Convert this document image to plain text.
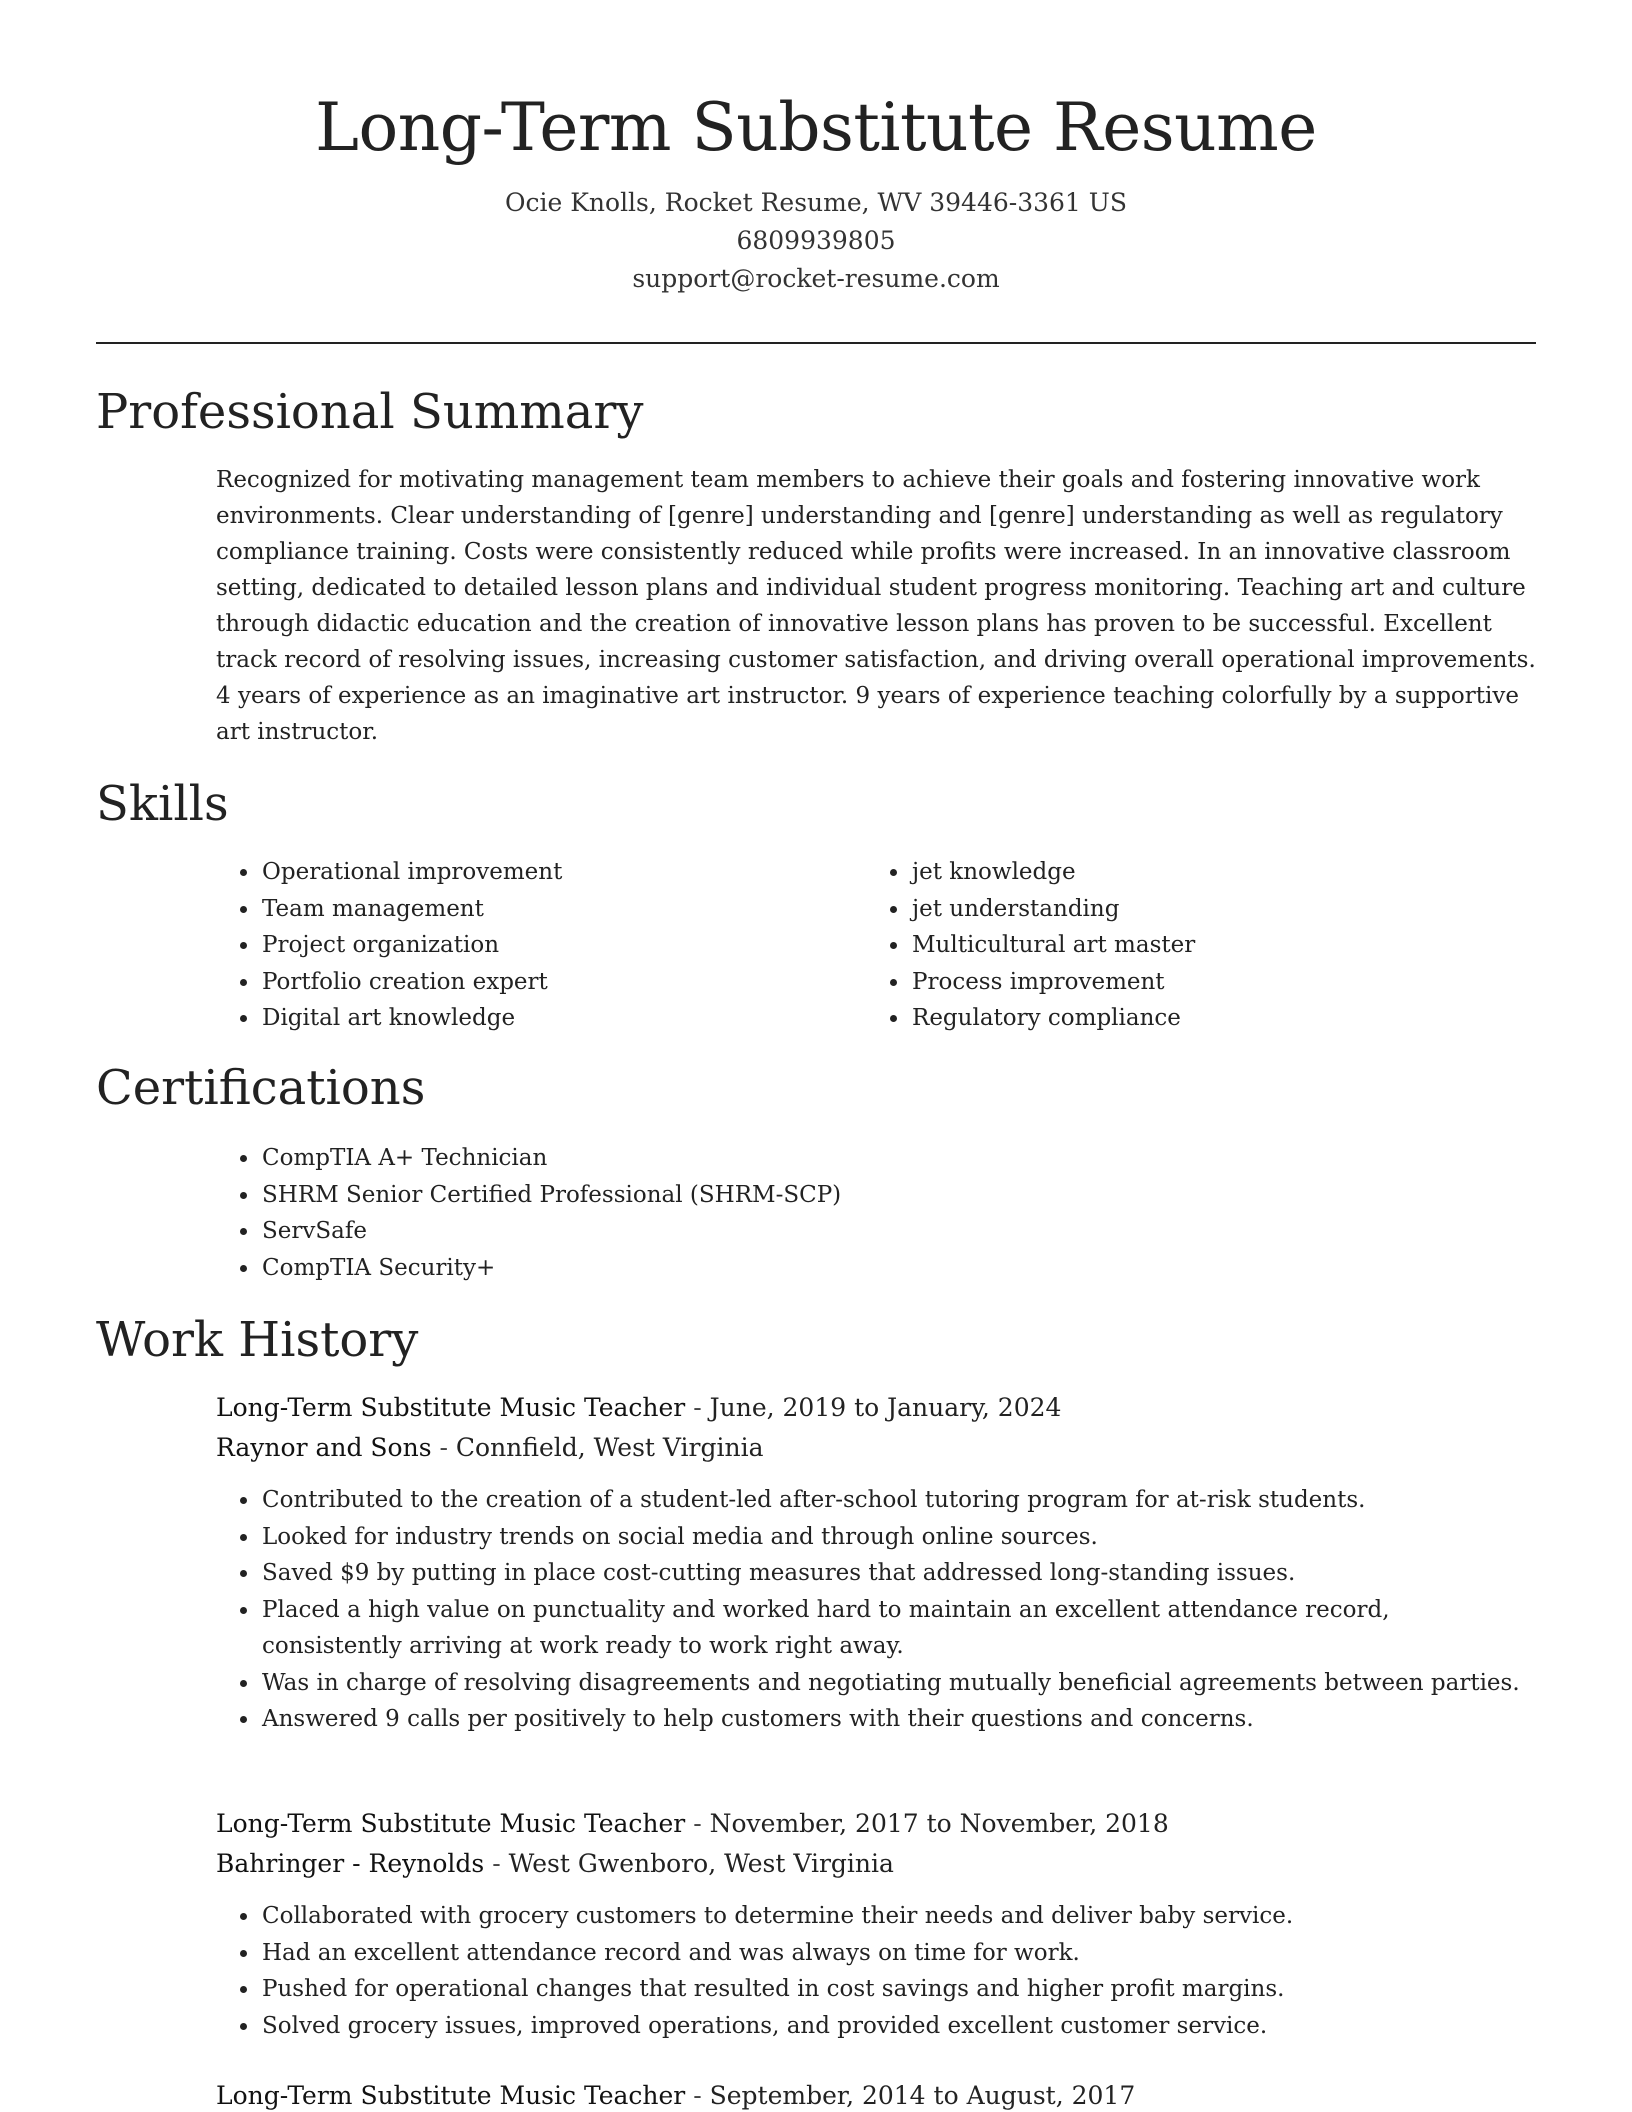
Long-Term Substitute Resume
Ocie Knolls, Rocket Resume, WV 39446-3361 US
6809939805
support@rocket-resume.com
Professional Summary
Recognized for motivating management team members to achieve their goals and fostering innovative work environments. Clear understanding of [genre] understanding and [genre] understanding as well as regulatory compliance training. Costs were consistently reduced while profits were increased. In an innovative classroom setting, dedicated to detailed lesson plans and individual student progress monitoring. Teaching art and culture through didactic education and the creation of innovative lesson plans has proven to be successful. Excellent track record of resolving issues, increasing customer satisfaction, and driving overall operational improvements. 4 years of experience as an imaginative art instructor. 9 years of experience teaching colorfully by a supportive art instructor.
Skills
• Operational improvement
• Team management
• Project organization
• Portfolio creation expert
• Digital art knowledge
• jet knowledge
• jet understanding
• Multicultural art master
• Process improvement
• Regulatory compliance
Certifications
• CompTIA A+ Technician
• SHRM Senior Certified Professional (SHRM-SCP)
• ServSafe
• CompTIA Security+
Work History
Long-Term Substitute Music Teacher - June, 2019 to January, 2024
Raynor and Sons - Connfield, West Virginia
• Contributed to the creation of a student-led after-school tutoring program for at-risk students.
• Looked for industry trends on social media and through online sources.
• Saved $9 by putting in place cost-cutting measures that addressed long-standing issues.
• Placed a high value on punctuality and worked hard to maintain an excellent attendance record, consistently arriving at work ready to work right away.
• Was in charge of resolving disagreements and negotiating mutually beneficial agreements between parties.
• Answered 9 calls per positively to help customers with their questions and concerns.
Long-Term Substitute Music Teacher - November, 2017 to November, 2018
Bahringer - Reynolds - West Gwenboro, West Virginia
• Collaborated with grocery customers to determine their needs and deliver baby service.
• Had an excellent attendance record and was always on time for work.
• Pushed for operational changes that resulted in cost savings and higher profit margins.
• Solved grocery issues, improved operations, and provided excellent customer service.
Long-Term Substitute Music Teacher - September, 2014 to August, 2017
